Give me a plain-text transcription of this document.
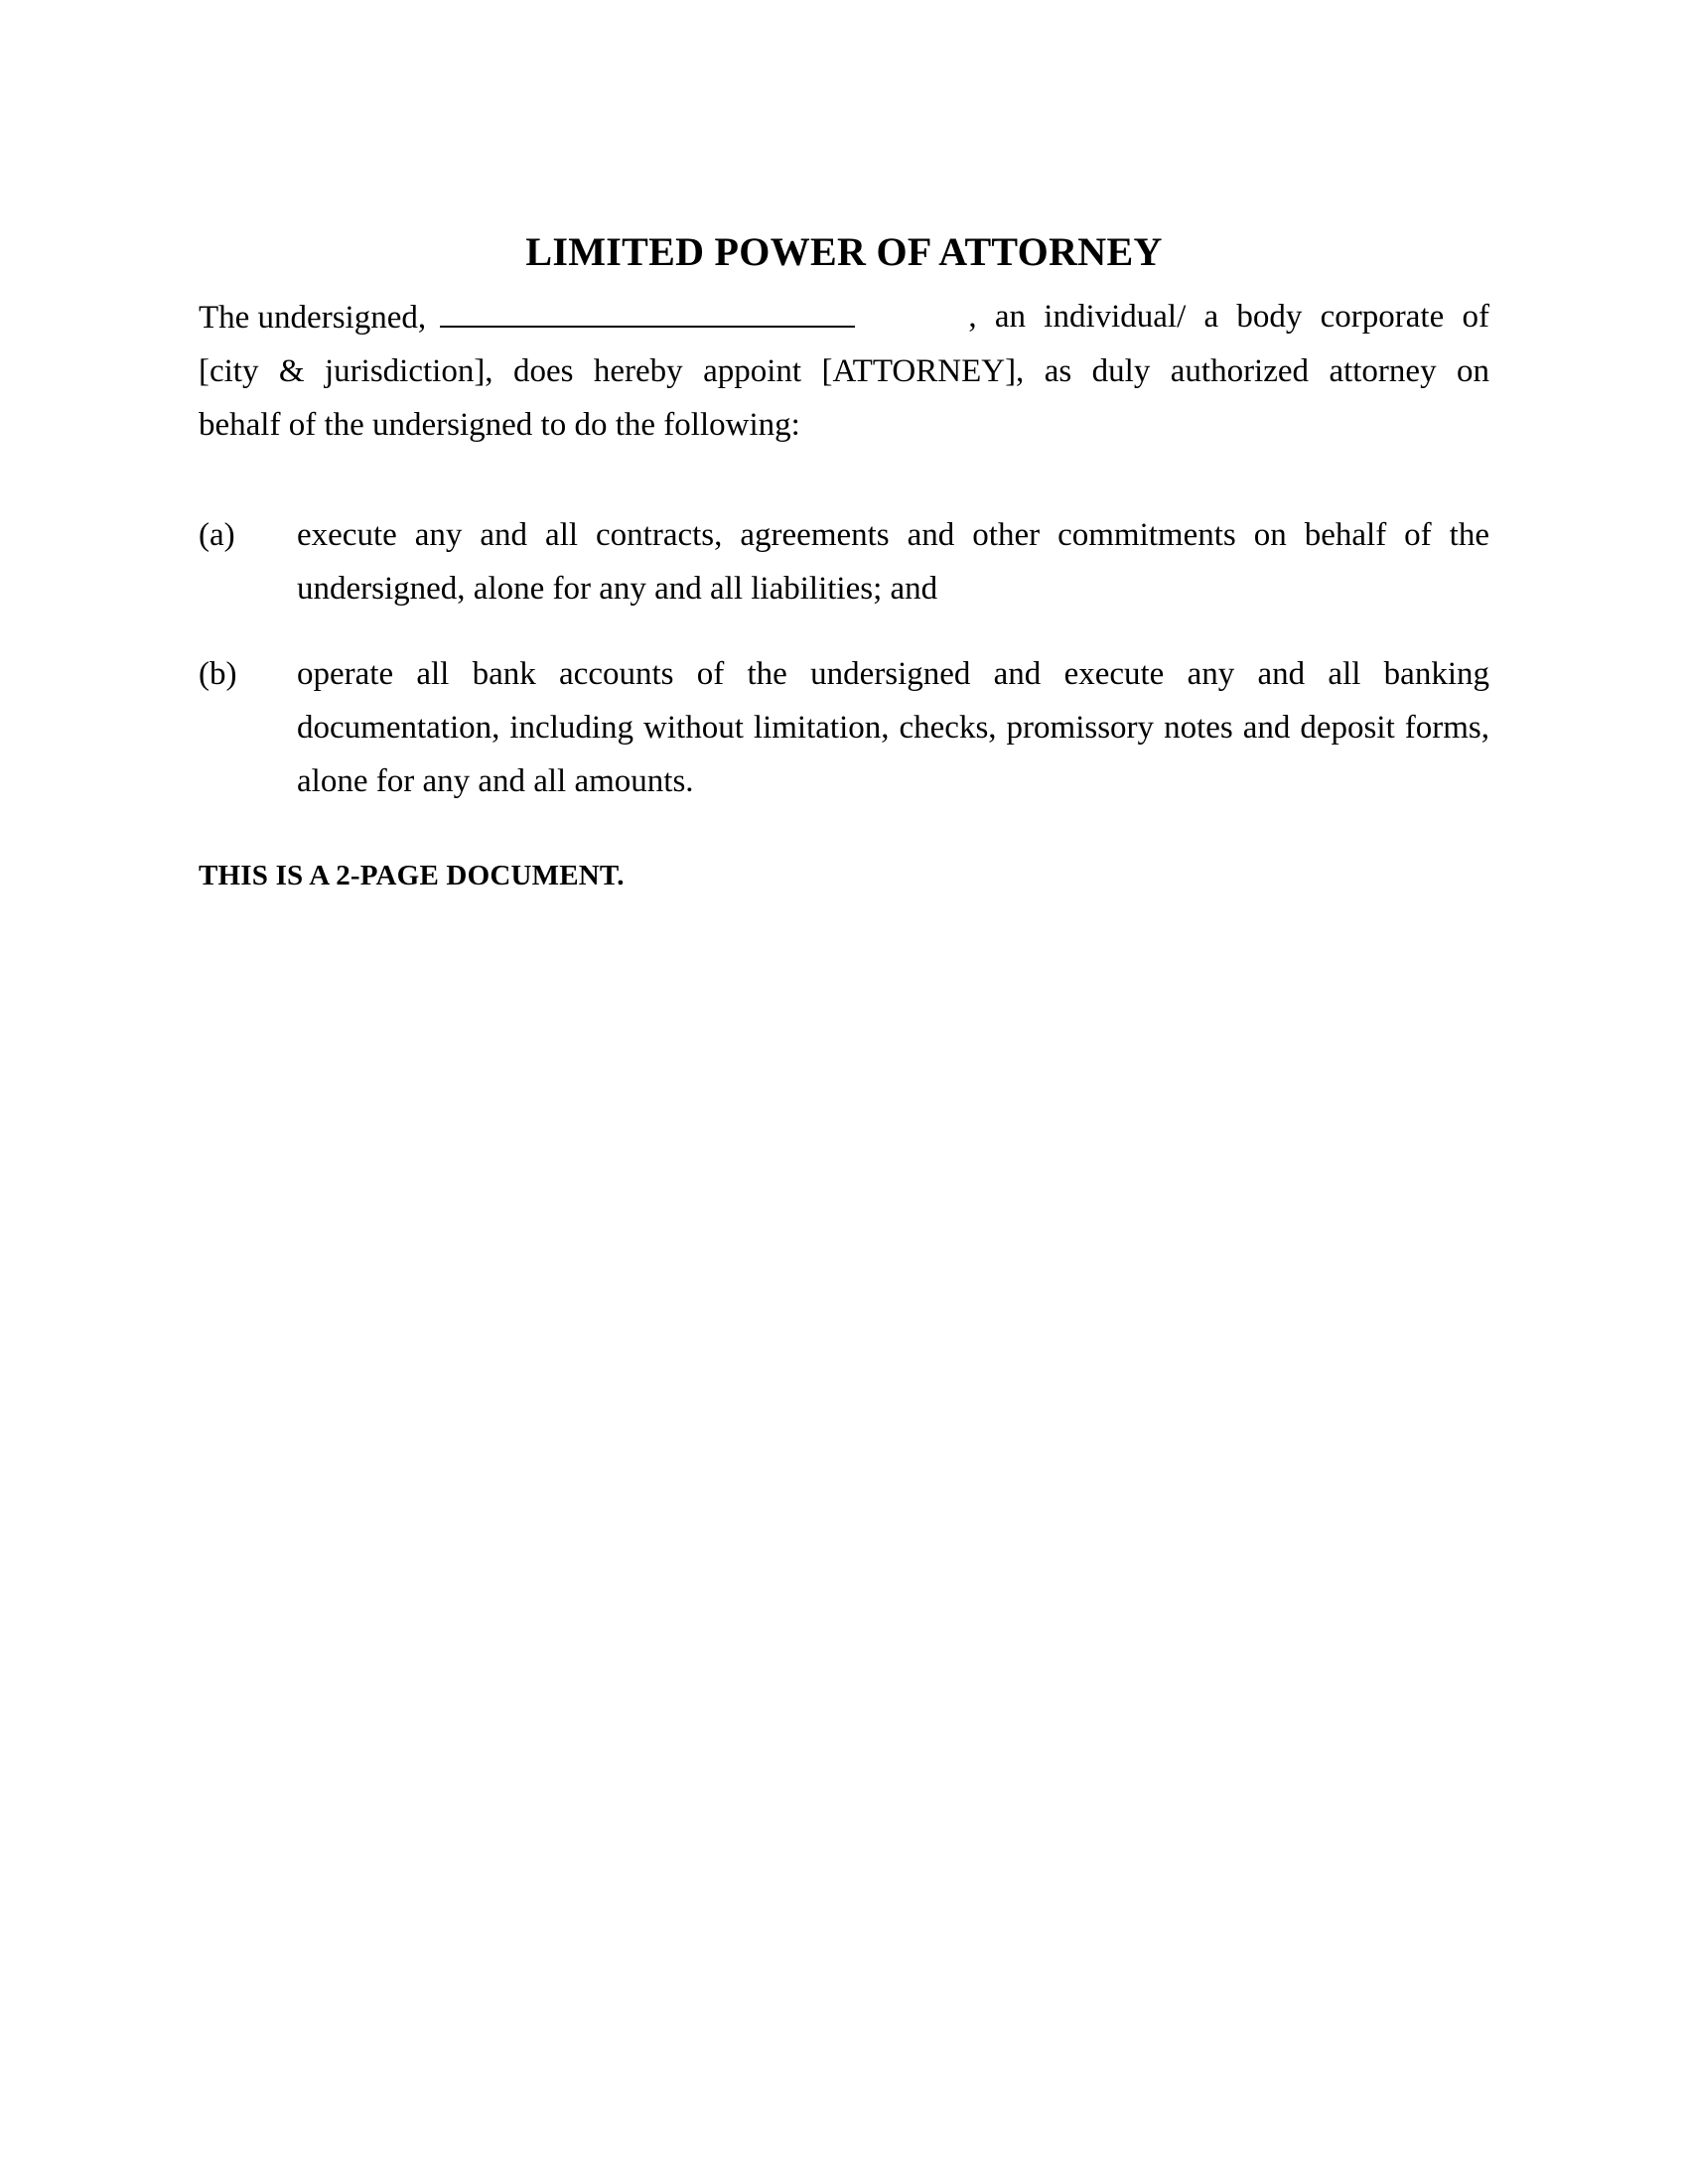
LIMITED POWER OF ATTORNEY
The undersigned,	, an individual/ a body corporate of
[city & jurisdiction], does hereby appoint [ATTORNEY], as duly authorized attorney on
behalf of the undersigned to do the following:
(a)	execute any and all contracts, agreements and other commitments on behalf of the undersigned, alone for any and all liabilities; and
(b)	operate all bank accounts of the undersigned and execute any and all banking documentation, including without limitation, checks, promissory notes and deposit forms, alone for any and all amounts.
THIS IS A 2-PAGE DOCUMENT.
